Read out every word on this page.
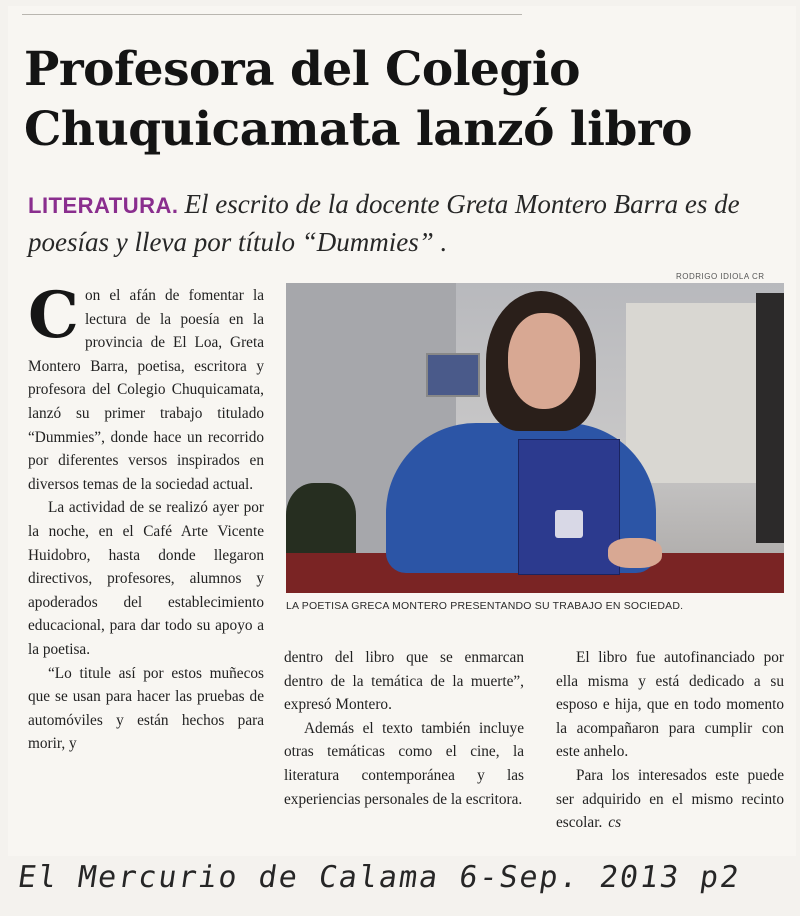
Profesora del Colegio Chuquicamata lanzó libro
LITERATURA. El escrito de la docente Greta Montero Barra es de poesías y lleva por título “Dummies” .
RODRIGO IDIOLA CR
LA POETISA GRECA MONTERO PRESENTANDO SU TRABAJO EN SOCIEDAD.

Con el afán de fomentar la lectura de la poesía en la provincia de El Loa, Greta Montero Barra, poetisa, escritora y profesora del Colegio Chuquicamata, lanzó su primer trabajo titulado “Dummies”, donde hace un recorrido por diferentes versos inspirados en diversos temas de la sociedad actual.

La actividad de se realizó ayer por la noche, en el Café Arte Vicente Huidobro, hasta donde llegaron directivos, profesores, alumnos y apoderados del establecimiento educacional, para dar todo su apoyo a la poetisa.

“Lo titule así por estos muñecos que se usan para hacer las pruebas de automóviles y están hechos para morir, y

dentro del libro que se enmarcan dentro de la temática de la muerte”, expresó Montero.

Además el texto también incluye otras temáticas como el cine, la literatura contemporánea y las experiencias personales de la escritora.

El libro fue autofinanciado por ella misma y está dedicado a su esposo e hija, que en todo momento la acompañaron para cumplir con este anhelo.

Para los interesados este puede ser adquirido en el mismo recinto escolar. cs

El Mercurio de Calama 6-Sep. 2013 p2
